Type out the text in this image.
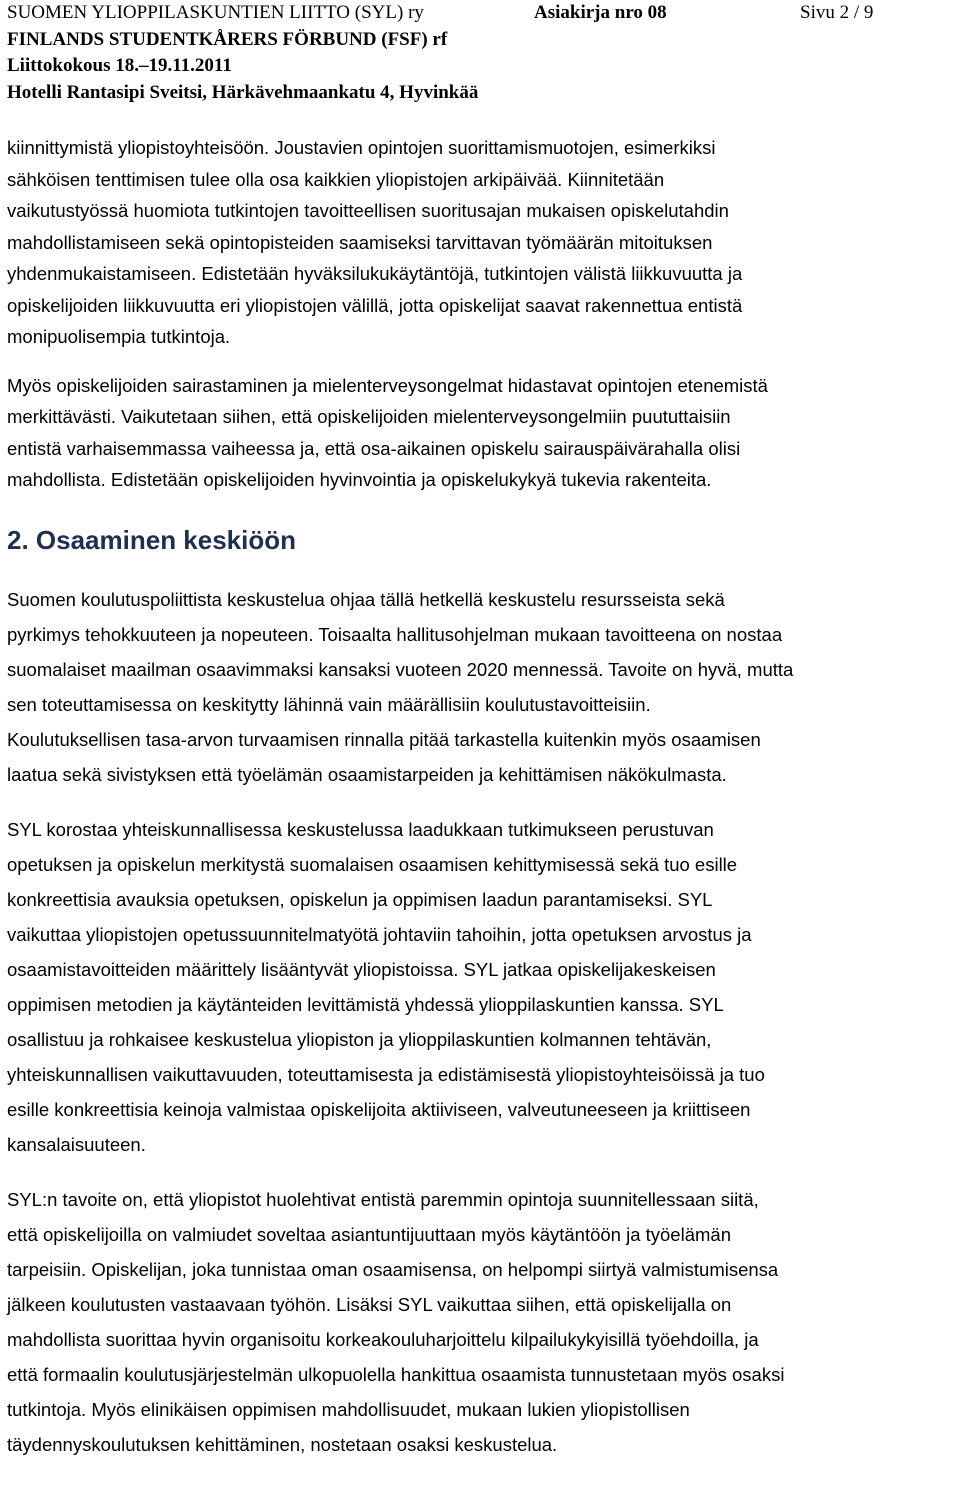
SUOMEN YLIOPPILASKUNTIEN LIITTO (SYL) ry	Asiakirja nro 08	Sivu 2 / 9
FINLANDS STUDENTKÅRERS FÖRBUND (FSF) rf
Liittokokous 18.–19.11.2011
Hotelli Rantasipi Sveitsi, Härkävehmaankatu 4, Hyvinkää
kiinnittymistä yliopistoyhteisöön. Joustavien opintojen suorittamismuotojen, esimerkiksi
sähköisen tenttimisen tulee olla osa kaikkien yliopistojen arkipäivää. Kiinnitetään
vaikutustyössä huomiota tutkintojen tavoitteellisen suoritusajan mukaisen opiskelutahdin
mahdollistamiseen sekä opintopisteiden saamiseksi tarvittavan työmäärän mitoituksen
yhdenmukaistamiseen. Edistetään hyväksilukukäytäntöjä, tutkintojen välistä liikkuvuutta ja
opiskelijoiden liikkuvuutta eri yliopistojen välillä, jotta opiskelijat saavat rakennettua entistä
monipuolisempia tutkintoja.
Myös opiskelijoiden sairastaminen ja mielenterveysongelmat hidastavat opintojen etenemistä
merkittävästi. Vaikutetaan siihen, että opiskelijoiden mielenterveysongelmiin puututtaisiin
entistä varhaisemmassa vaiheessa ja, että osa-aikainen opiskelu sairauspäivärahalla olisi
mahdollista. Edistetään opiskelijoiden hyvinvointia ja opiskelukykyä tukevia rakenteita.
2. Osaaminen keskiöön
Suomen koulutuspoliittista keskustelua ohjaa tällä hetkellä keskustelu resursseista sekä
pyrkimys tehokkuuteen ja nopeuteen. Toisaalta hallitusohjelman mukaan tavoitteena on nostaa
suomalaiset maailman osaavimmaksi kansaksi vuoteen 2020 mennessä. Tavoite on hyvä, mutta
sen toteuttamisessa on keskitytty lähinnä vain määrällisiin koulutustavoitteisiin.
Koulutuksellisen tasa-arvon turvaamisen rinnalla pitää tarkastella kuitenkin myös osaamisen
laatua sekä sivistyksen että työelämän osaamistarpeiden ja kehittämisen näkökulmasta.
SYL korostaa yhteiskunnallisessa keskustelussa laadukkaan tutkimukseen perustuvan
opetuksen ja opiskelun merkitystä suomalaisen osaamisen kehittymisessä sekä tuo esille
konkreettisia avauksia opetuksen, opiskelun ja oppimisen laadun parantamiseksi. SYL
vaikuttaa yliopistojen opetussuunnitelmatyötä johtaviin tahoihin, jotta opetuksen arvostus ja
osaamistavoitteiden määrittely lisääntyvät yliopistoissa. SYL jatkaa opiskelijakeskeisen
oppimisen metodien ja käytänteiden levittämistä yhdessä ylioppilaskuntien kanssa. SYL
osallistuu ja rohkaisee keskustelua yliopiston ja ylioppilaskuntien kolmannen tehtävän,
yhteiskunnallisen vaikuttavuuden, toteuttamisesta ja edistämisestä yliopistoyhteisöissä ja tuo
esille konkreettisia keinoja valmistaa opiskelijoita aktiiviseen, valveutuneeseen ja kriittiseen
kansalaisuuteen.
SYL:n tavoite on, että yliopistot huolehtivat entistä paremmin opintoja suunnitellessaan siitä,
että opiskelijoilla on valmiudet soveltaa asiantuntijuuttaan myös käytäntöön ja työelämän
tarpeisiin. Opiskelijan, joka tunnistaa oman osaamisensa, on helpompi siirtyä valmistumisensa
jälkeen koulutusten vastaavaan työhön. Lisäksi SYL vaikuttaa siihen, että opiskelijalla on
mahdollista suorittaa hyvin organisoitu korkeakouluharjoittelu kilpailukykyisillä työehdoilla, ja
että formaalin koulutusjärjestelmän ulkopuolella hankittua osaamista tunnustetaan myös osaksi
tutkintoja. Myös elinikäisen oppimisen mahdollisuudet, mukaan lukien yliopistollisen
täydennyskoulutuksen kehittäminen, nostetaan osaksi keskustelua.
